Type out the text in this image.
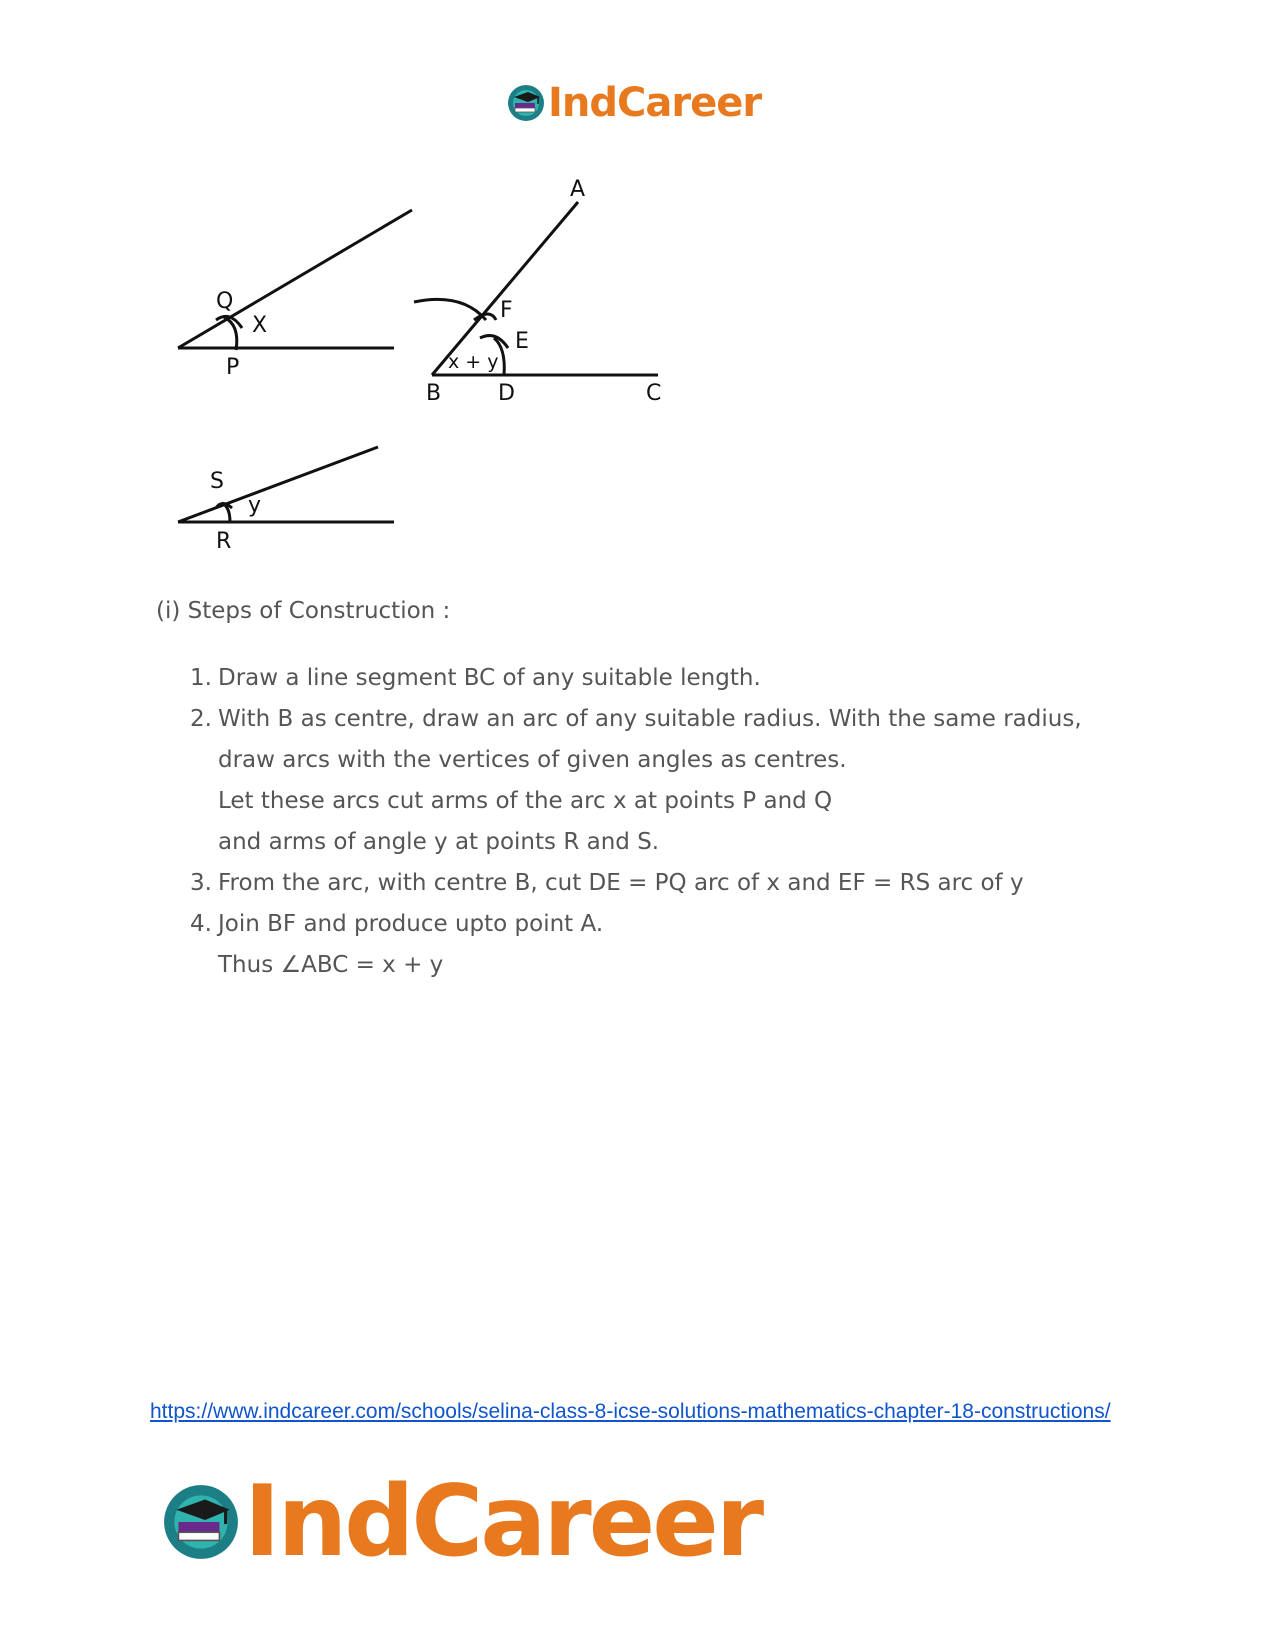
IndCareer
Q
X
P
A
F
E
x + y
B	D	C
S
y
R

(i) Steps of Construction :

1. Draw a line segment BC of any suitable length.
2. With B as centre, draw an arc of any suitable radius. With the same radius,
draw arcs with the vertices of given angles as centres.
Let these arcs cut arms of the arc x at points P and Q
and arms of angle y at points R and S.
3. From the arc, with centre B, cut DE = PQ arc of x and EF = RS arc of y
4. Join BF and produce upto point A.
Thus ∠ABC = x + y
https://www.indcareer.com/schools/selina-class-8-icse-solutions-mathematics-chapter-18-constructions/
IndCareer
